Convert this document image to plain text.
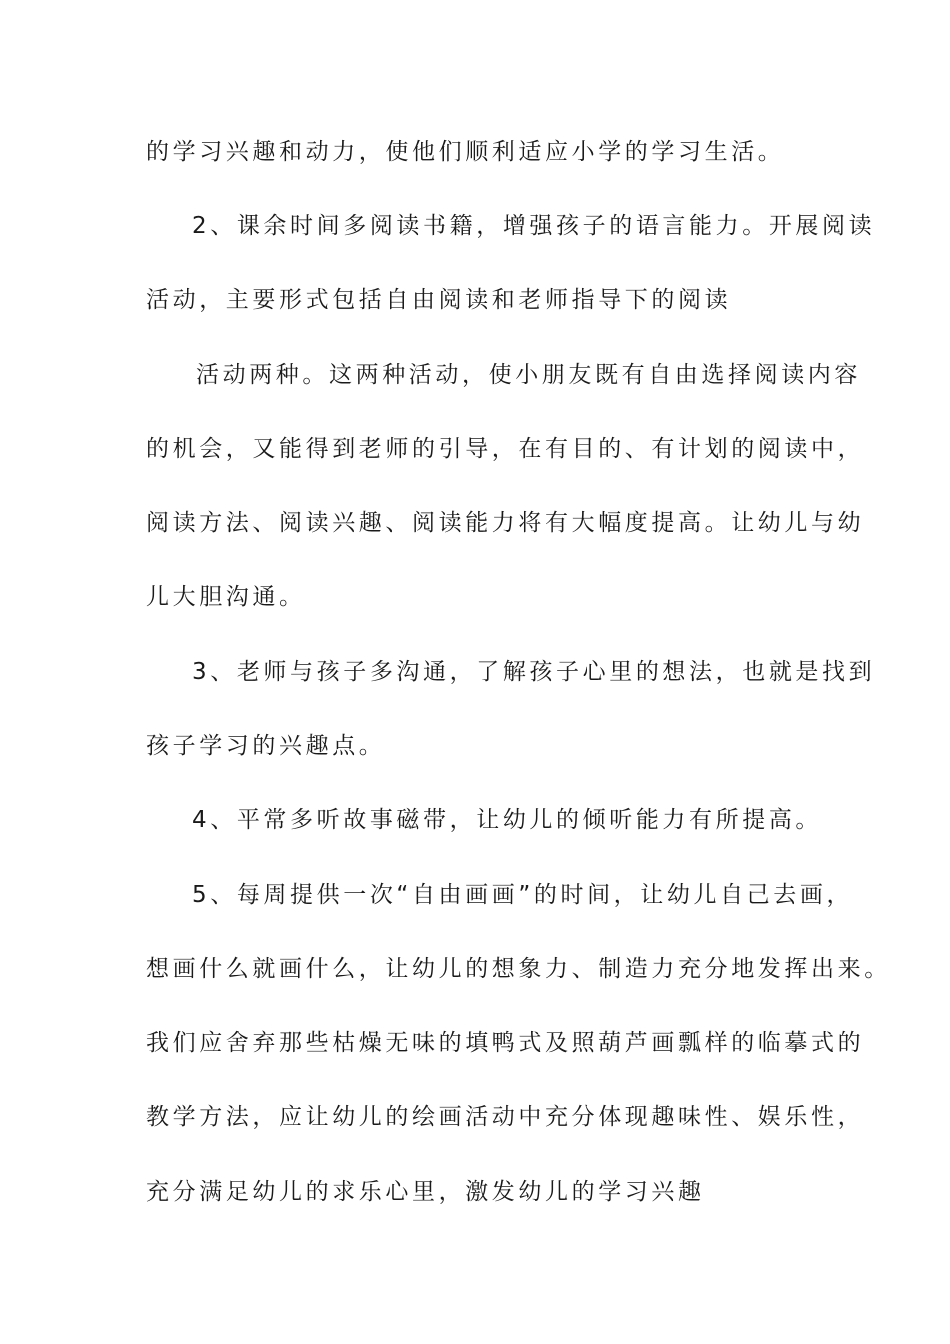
的学习兴趣和动力，使他们顺利适应小学的学习生活。
2、课余时间多阅读书籍，增强孩子的语言能力。开展阅读
活动，主要形式包括自由阅读和老师指导下的阅读
活动两种。这两种活动，使小朋友既有自由选择阅读内容
的机会，又能得到老师的引导，在有目的、有计划的阅读中，
阅读方法、阅读兴趣、阅读能力将有大幅度提高。让幼儿与幼
儿大胆沟通。
3、老师与孩子多沟通，了解孩子心里的想法，也就是找到
孩子学习的兴趣点。
4、平常多听故事磁带，让幼儿的倾听能力有所提高。
5、每周提供一次“自由画画”的时间，让幼儿自己去画，
想画什么就画什么，让幼儿的想象力、制造力充分地发挥出来。
我们应舍弃那些枯燥无味的填鸭式及照葫芦画瓢样的临摹式的
教学方法，应让幼儿的绘画活动中充分体现趣味性、娱乐性，
充分满足幼儿的求乐心里，激发幼儿的学习兴趣
